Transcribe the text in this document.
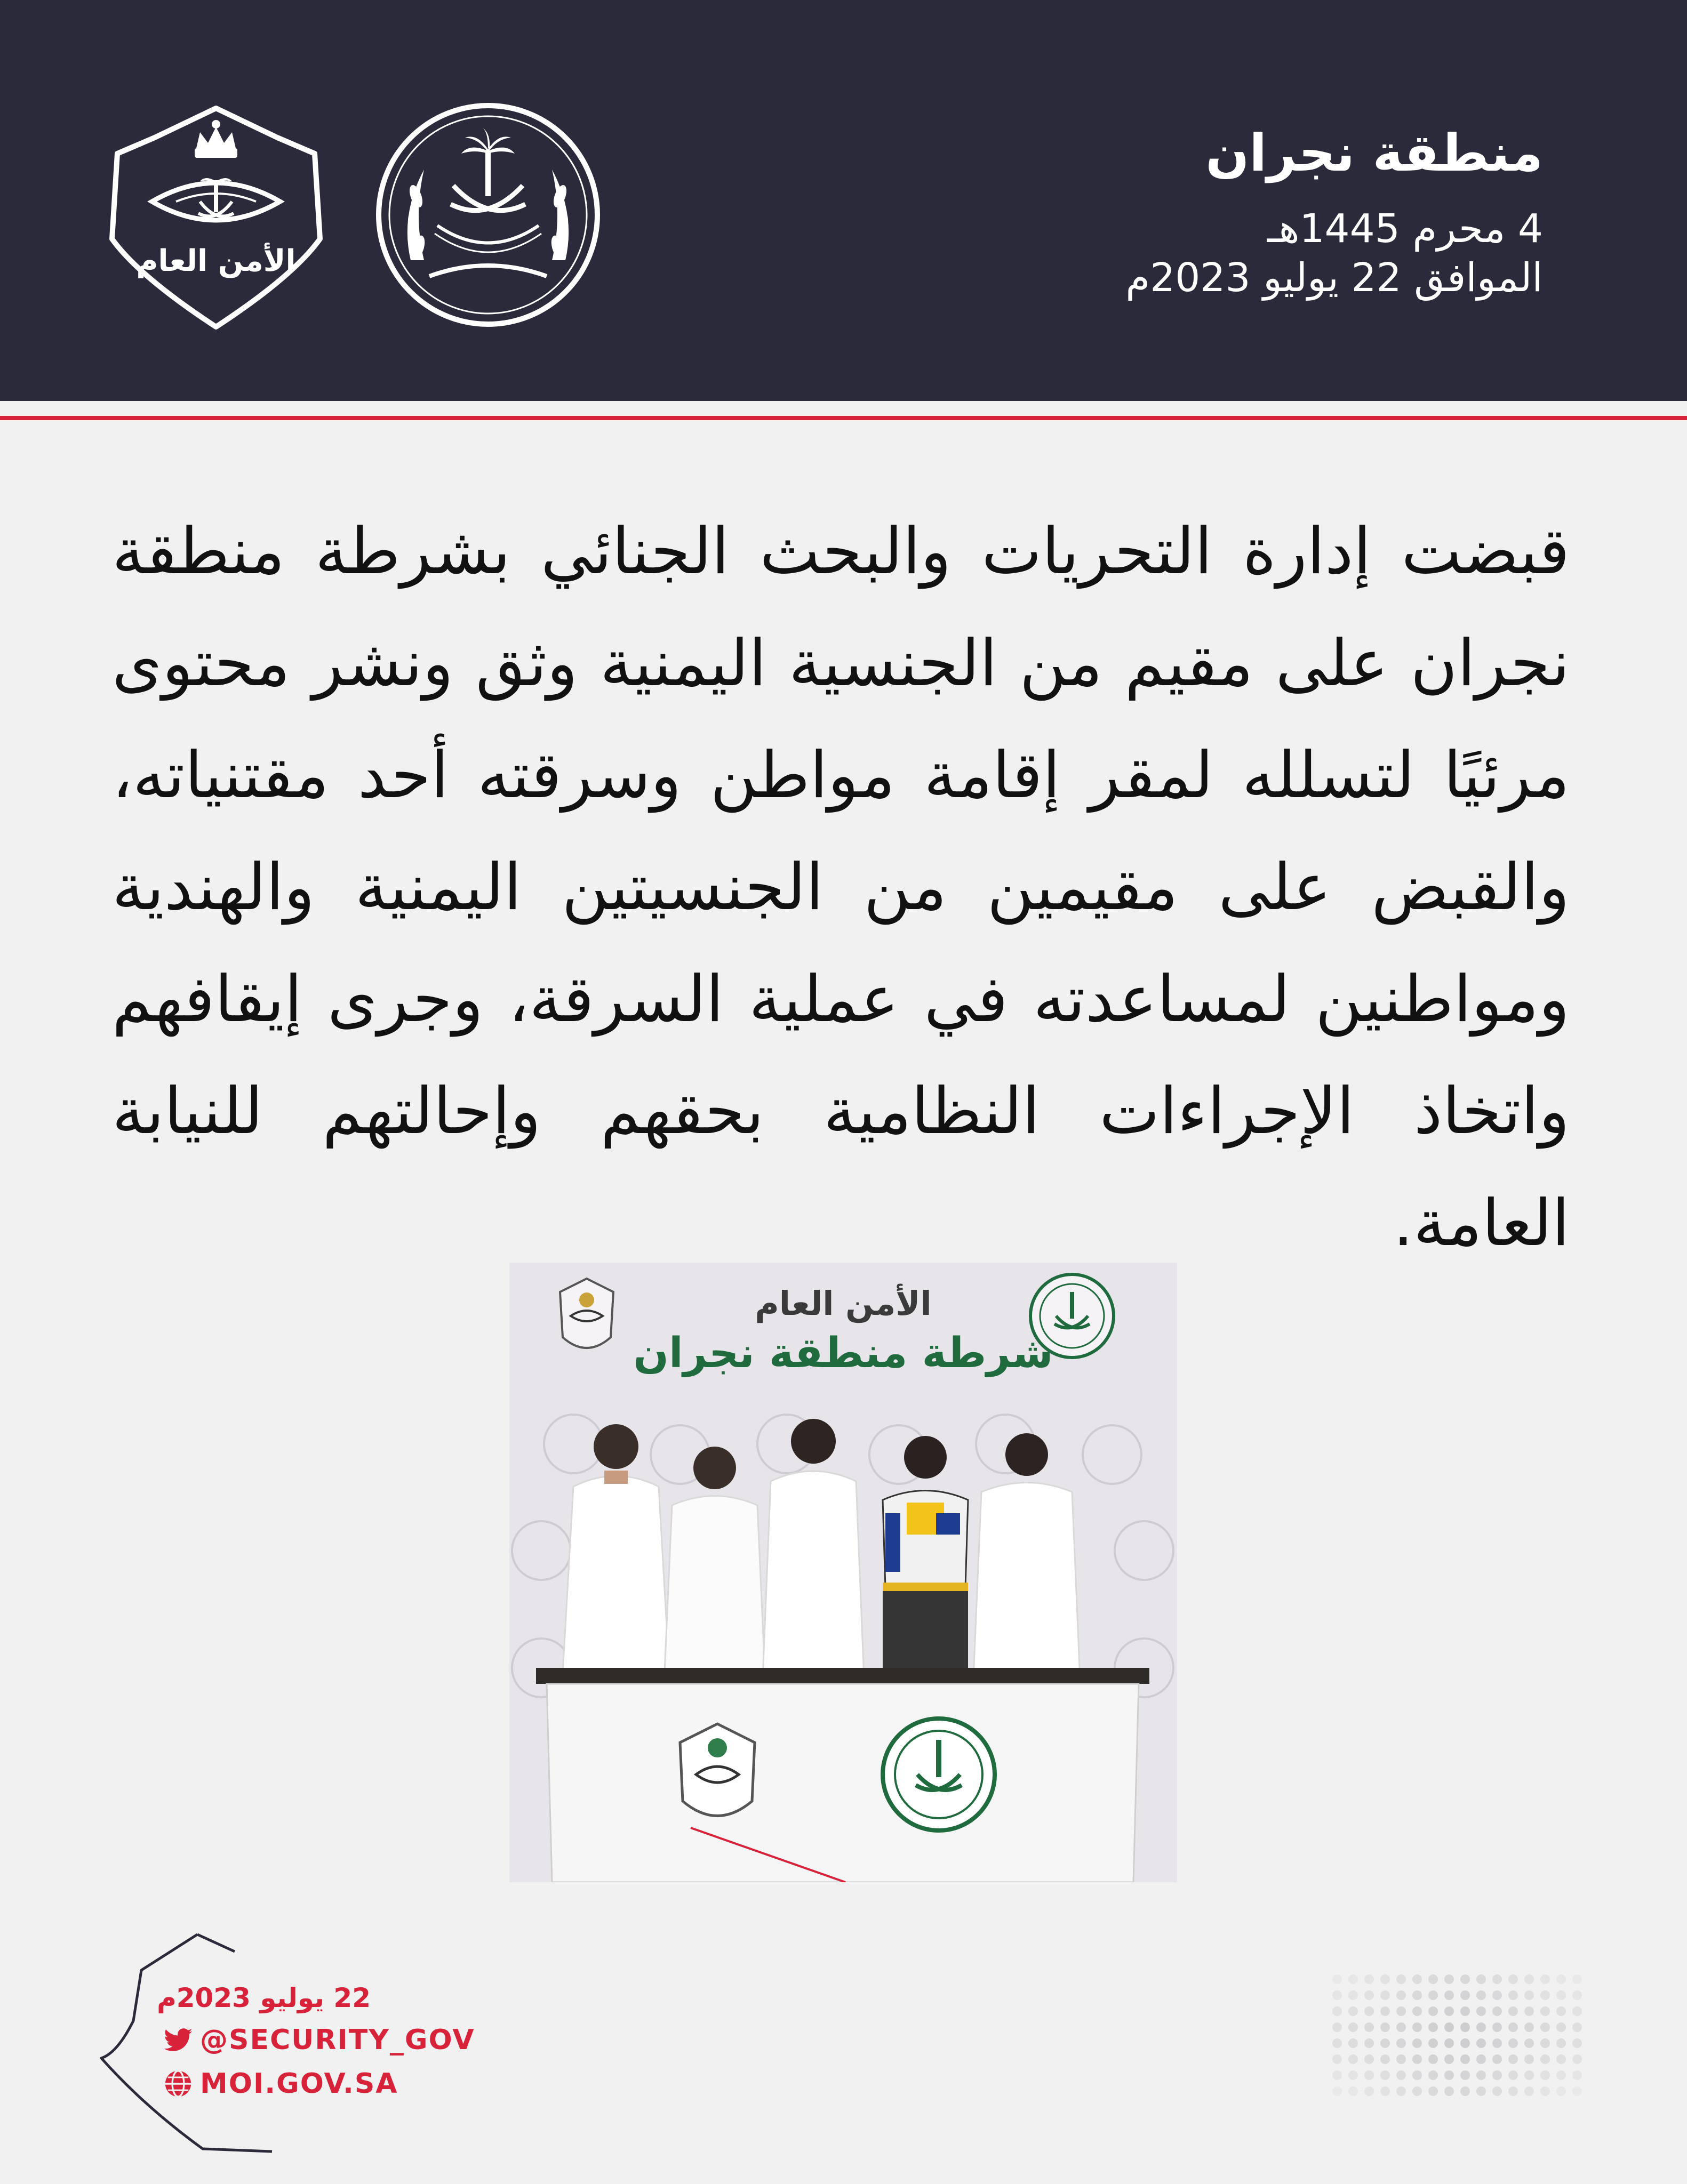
منطقة نجران
4 محرم 1445هـ
الموافق 22 يوليو 2023م
الأمن العام
قبضت إدارة التحريات والبحث الجنائي بشرطة منطقة نجران على مقيم من الجنسية اليمنية وثق ونشر محتوى مرئيًا لتسلله لمقر إقامة مواطن وسرقته أحد مقتنياته، والقبض على مقيمين من الجنسيتين اليمنية والهندية ومواطنين لمساعدته في عملية السرقة، وجرى إيقافهم واتخاذ الإجراءات النظامية بحقهم وإحالتهم للنيابة العامة.
الأمن العام
شرطة منطقة نجران
22 يوليو 2023م
@SECURITY_GOV
MOI.GOV.SA
